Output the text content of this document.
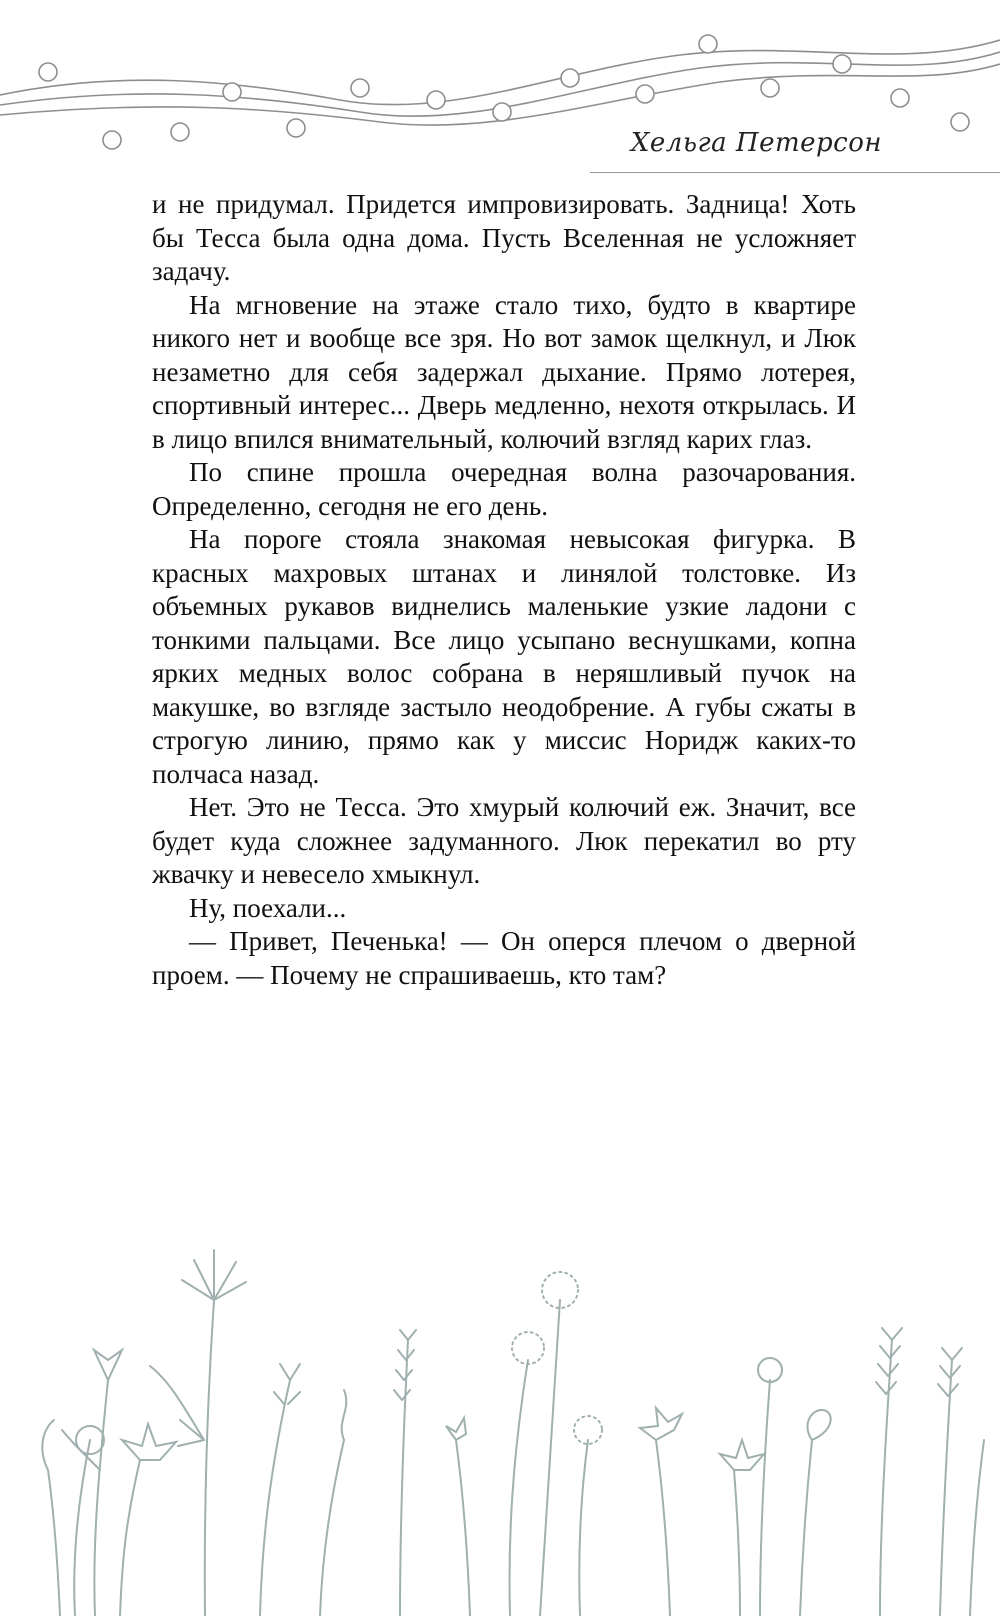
Хельга Петерсон

и не придумал. Придется импровизировать. Задница! Хоть бы Тесса была одна дома. Пусть Вселенная не усложняет задачу.

На мгновение на этаже стало тихо, будто в квартире никого нет и вообще все зря. Но вот замок щелкнул, и Люк незаметно для себя задержал дыхание. Прямо лотерея, спортивный интерес... Дверь медленно, нехотя открылась. И в лицо впился внимательный, колючий взгляд карих глаз.

По спине прошла очередная волна разочарования. Определенно, сегодня не его день.

На пороге стояла знакомая невысокая фигурка. В красных махровых штанах и линялой толстовке. Из объемных рукавов виднелись маленькие узкие ладони с тонкими пальцами. Все лицо усыпано веснушками, копна ярких медных волос собрана в неряшливый пучок на макушке, во взгляде застыло неодобрение. А губы сжаты в строгую линию, прямо как у миссис Норидж каких-то полчаса назад.

Нет. Это не Тесса. Это хмурый колючий еж. Значит, все будет куда сложнее задуманного. Люк перекатил во рту жвачку и невесело хмыкнул.

Ну, поехали...

— Привет, Печенька! — Он оперся плечом о дверной проем. — Почему не спрашиваешь, кто там?
